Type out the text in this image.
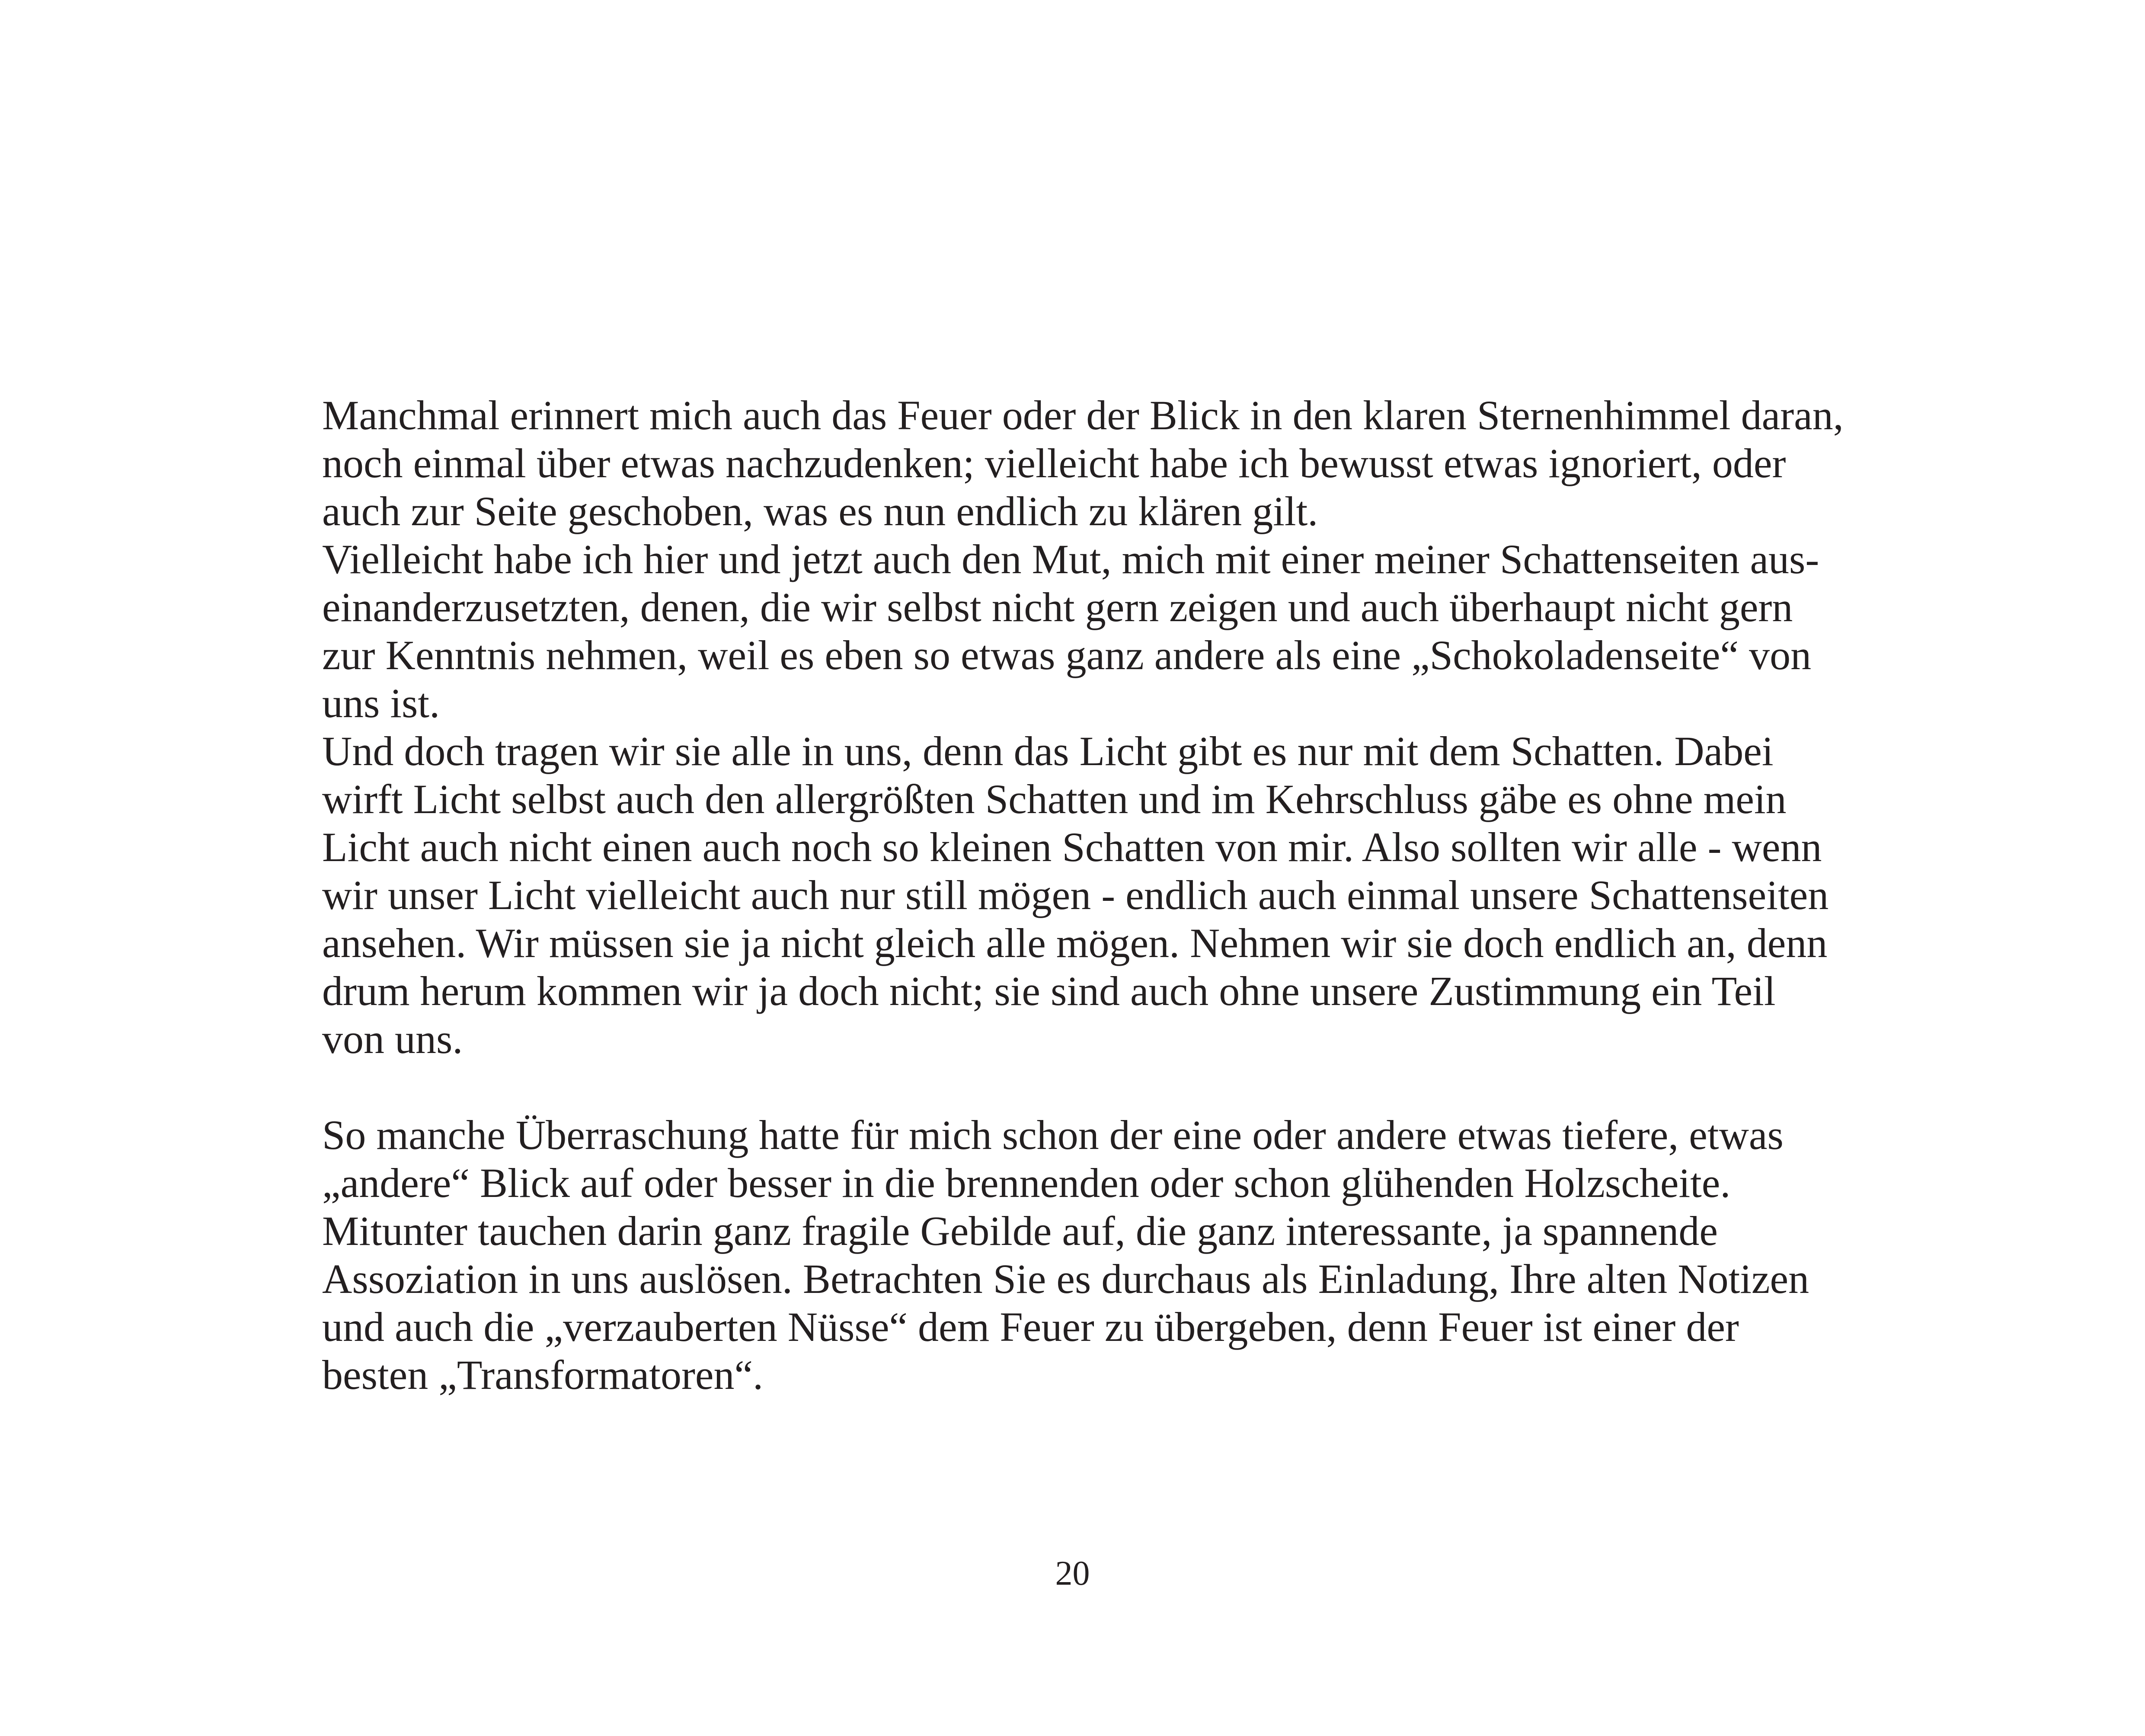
Manchmal erinnert mich auch das Feuer oder der Blick in den klaren Sternenhimmel daran,
noch einmal über etwas nachzudenken; vielleicht habe ich bewusst etwas ignoriert, oder
auch zur Seite geschoben, was es nun endlich zu klären gilt.
Vielleicht habe ich hier und jetzt auch den Mut, mich mit einer meiner Schattenseiten aus-
einanderzusetzten, denen, die wir selbst nicht gern zeigen und auch überhaupt nicht gern
zur Kenntnis nehmen, weil es eben so etwas ganz andere als eine „Schokoladenseite“ von
uns ist.
Und doch tragen wir sie alle in uns, denn das Licht gibt es nur mit dem Schatten. Dabei
wirft Licht selbst auch den allergrößten Schatten und im Kehrschluss gäbe es ohne mein
Licht auch nicht einen auch noch so kleinen Schatten von mir. Also sollten wir alle - wenn
wir unser Licht vielleicht auch nur still mögen - endlich auch einmal unsere Schattenseiten
ansehen. Wir müssen sie ja nicht gleich alle mögen. Nehmen wir sie doch endlich an, denn
drum herum kommen wir ja doch nicht; sie sind auch ohne unsere Zustimmung ein Teil
von uns.
So manche Überraschung hatte für mich schon der eine oder andere etwas tiefere, etwas
„andere“ Blick auf oder besser in die brennenden oder schon glühenden Holzscheite.
Mitunter tauchen darin ganz fragile Gebilde auf, die ganz interessante, ja spannende
Assoziation in uns auslösen. Betrachten Sie es durchaus als Einladung, Ihre alten Notizen
und auch die „verzauberten Nüsse“ dem Feuer zu übergeben, denn Feuer ist einer der
besten „Transformatoren“.
20
